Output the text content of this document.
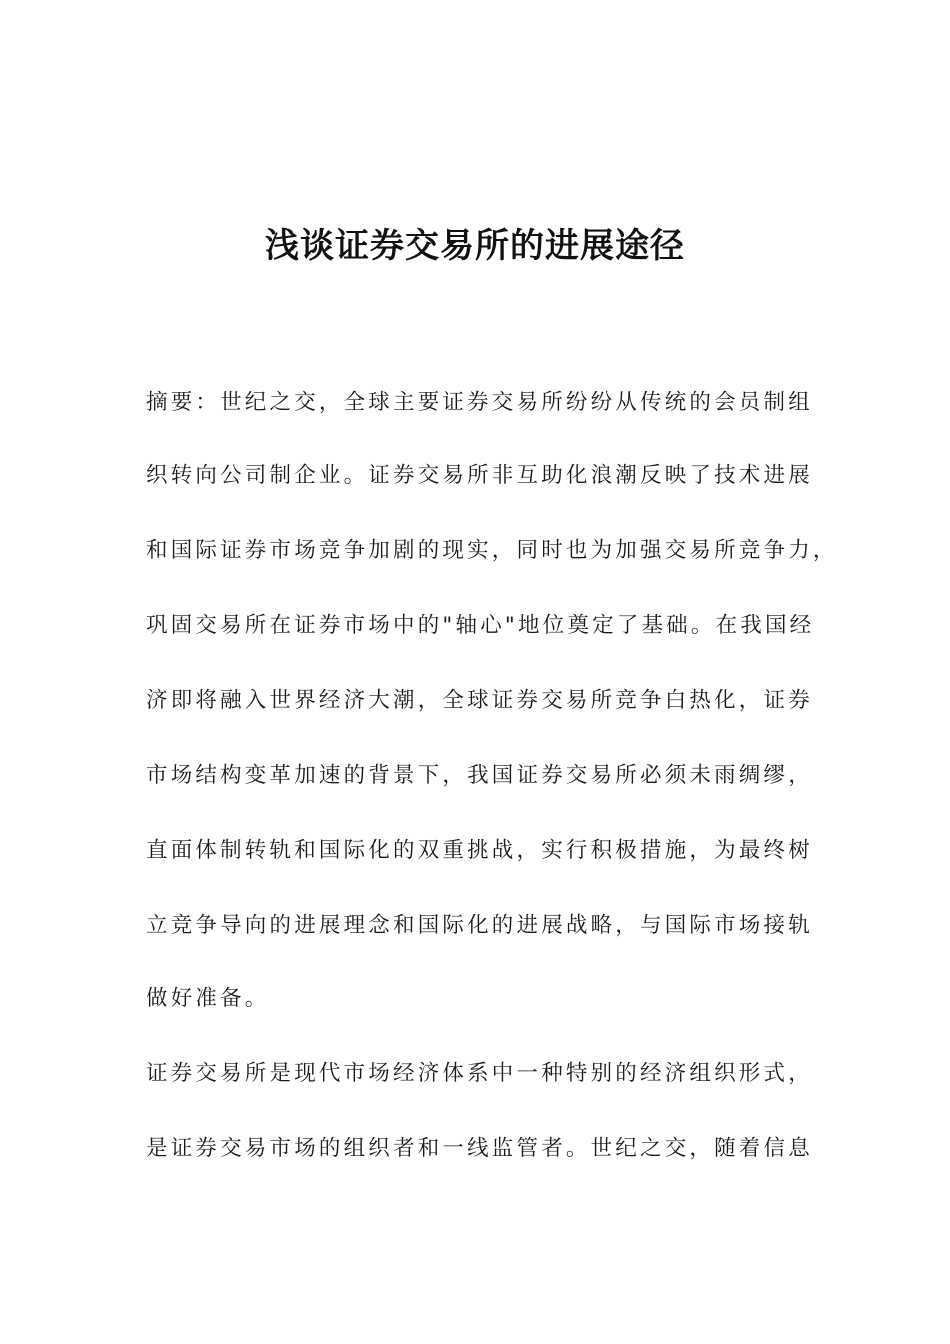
浅谈证券交易所的进展途径
摘要：世纪之交，全球主要证券交易所纷纷从传统的会员制组
织转向公司制企业。证券交易所非互助化浪潮反映了技术进展
和国际证券市场竞争加剧的现实，同时也为加强交易所竞争力，
巩固交易所在证券市场中的"轴心"地位奠定了基础。在我国经
济即将融入世界经济大潮，全球证券交易所竞争白热化，证券
市场结构变革加速的背景下，我国证券交易所必须未雨绸缪，
直面体制转轨和国际化的双重挑战，实行积极措施，为最终树
立竞争导向的进展理念和国际化的进展战略，与国际市场接轨
做好准备。
证券交易所是现代市场经济体系中一种特别的经济组织形式，
是证券交易市场的组织者和一线监管者。世纪之交，随着信息
